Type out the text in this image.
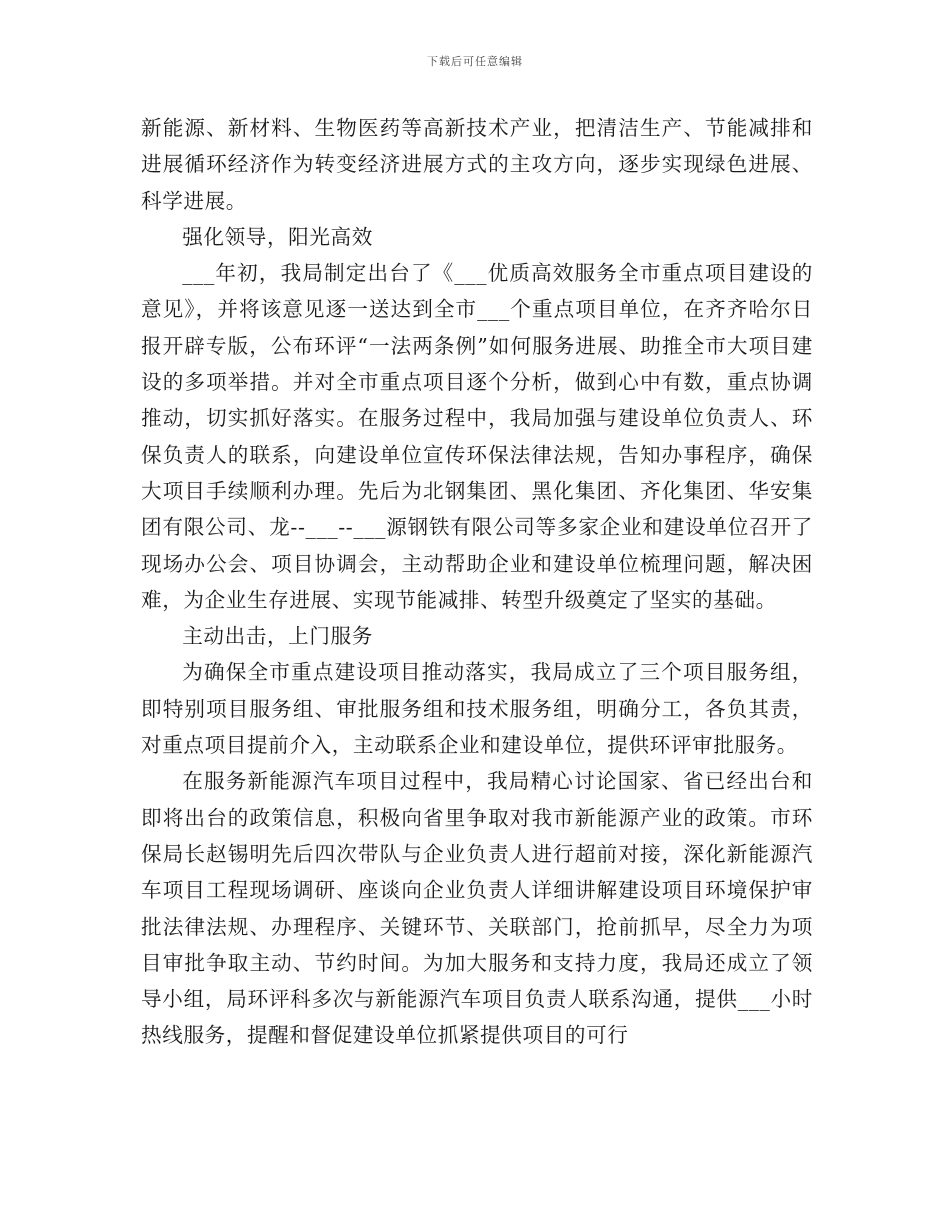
下载后可任意编辑

新能源、新材料、生物医药等高新技术产业，把清洁生产、节能减排和进展循环经济作为转变经济进展方式的主攻方向，逐步实现绿色进展、科学进展。

强化领导，阳光高效

___年初，我局制定出台了《___优质高效服务全市重点项目建设的意见》，并将该意见逐一送达到全市___个重点项目单位，在齐齐哈尔日报开辟专版，公布环评“一法两条例”如何服务进展、助推全市大项目建设的多项举措。并对全市重点项目逐个分析，做到心中有数，重点协调推动，切实抓好落实。在服务过程中，我局加强与建设单位负责人、环保负责人的联系，向建设单位宣传环保法律法规，告知办事程序，确保大项目手续顺利办理。先后为北钢集团、黑化集团、齐化集团、华安集团有限公司、龙--___--___源钢铁有限公司等多家企业和建设单位召开了现场办公会、项目协调会，主动帮助企业和建设单位梳理问题，解决困难，为企业生存进展、实现节能减排、转型升级奠定了坚实的基础。

主动出击，上门服务

为确保全市重点建设项目推动落实，我局成立了三个项目服务组，即特别项目服务组、审批服务组和技术服务组，明确分工，各负其责，对重点项目提前介入，主动联系企业和建设单位，提供环评审批服务。

在服务新能源汽车项目过程中，我局精心讨论国家、省已经出台和即将出台的政策信息，积极向省里争取对我市新能源产业的政策。市环保局长赵锡明先后四次带队与企业负责人进行超前对接，深化新能源汽车项目工程现场调研、座谈向企业负责人详细讲解建设项目环境保护审批法律法规、办理程序、关键环节、关联部门，抢前抓早，尽全力为项目审批争取主动、节约时间。为加大服务和支持力度，我局还成立了领导小组，局环评科多次与新能源汽车项目负责人联系沟通，提供___小时热线服务，提醒和督促建设单位抓紧提供项目的可行
